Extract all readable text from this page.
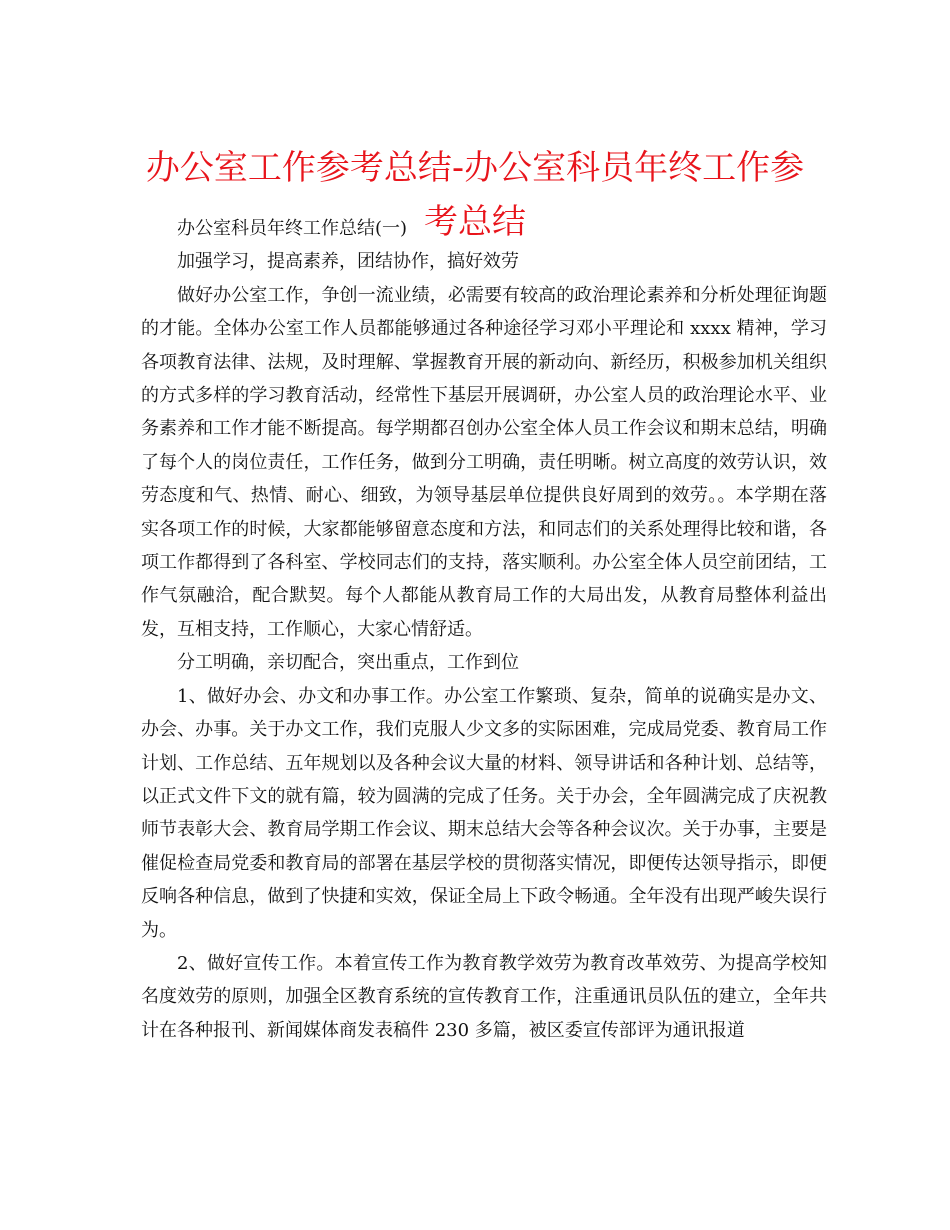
办公室工作参考总结-办公室科员年终工作参考总结

办公室科员年终工作总结(一)

加强学习，提高素养，团结协作，搞好效劳

做好办公室工作，争创一流业绩，必需要有较高的政治理论素养和分析处理征询题的才能。全体办公室工作人员都能够通过各种途径学习邓小平理论和 xxxx 精神，学习各项教育法律、法规，及时理解、掌握教育开展的新动向、新经历，积极参加机关组织的方式多样的学习教育活动，经常性下基层开展调研，办公室人员的政治理论水平、业务素养和工作才能不断提高。每学期都召创办公室全体人员工作会议和期末总结，明确了每个人的岗位责任，工作任务，做到分工明确，责任明晰。树立高度的效劳认识，效劳态度和气、热情、耐心、细致，为领导基层单位提供良好周到的效劳。。本学期在落实各项工作的时候，大家都能够留意态度和方法，和同志们的关系处理得比较和谐，各项工作都得到了各科室、学校同志们的支持，落实顺利。办公室全体人员空前团结，工作气氛融洽，配合默契。每个人都能从教育局工作的大局出发，从教育局整体利益出发，互相支持，工作顺心，大家心情舒适。

分工明确，亲切配合，突出重点，工作到位

1、做好办会、办文和办事工作。办公室工作繁琐、复杂，简单的说确实是办文、办会、办事。关于办文工作，我们克服人少文多的实际困难，完成局党委、教育局工作计划、工作总结、五年规划以及各种会议大量的材料、领导讲话和各种计划、总结等，以正式文件下文的就有篇，较为圆满的完成了任务。关于办会，全年圆满完成了庆祝教师节表彰大会、教育局学期工作会议、期末总结大会等各种会议次。关于办事，主要是催促检查局党委和教育局的部署在基层学校的贯彻落实情况，即便传达领导指示，即便反响各种信息，做到了快捷和实效，保证全局上下政令畅通。全年没有出现严峻失误行为。

2、做好宣传工作。本着宣传工作为教育教学效劳为教育改革效劳、为提高学校知名度效劳的原则，加强全区教育系统的宣传教育工作，注重通讯员队伍的建立，全年共计在各种报刊、新闻媒体商发表稿件 230 多篇，被区委宣传部评为通讯报道
